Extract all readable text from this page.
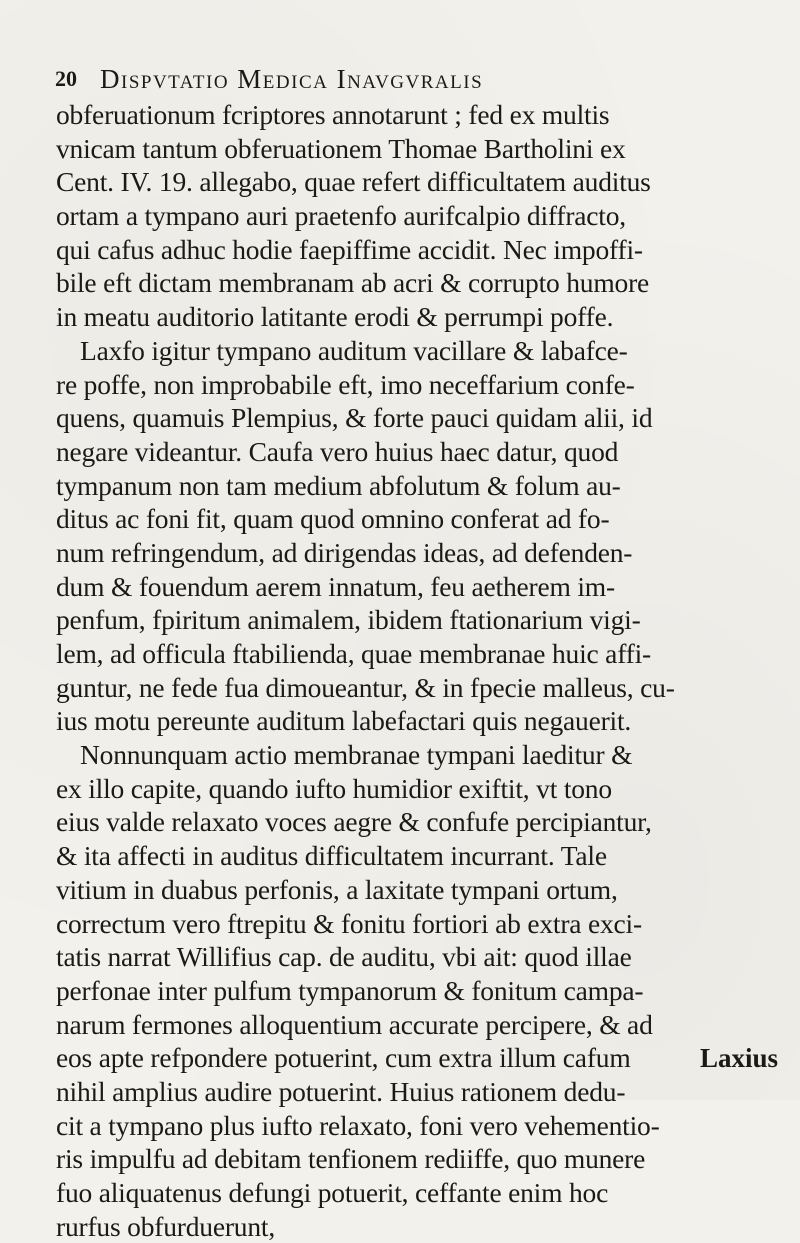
20 Dispvtatio Medica Inavgvralis
obferuationum fcriptores annotarunt ; fed ex multis
vnicam tantum obferuationem Thomae Bartholini ex
Cent. IV. 19. allegabo, quae refert difficultatem auditus
ortam a tympano auri praetenfo aurifcalpio diffracto,
qui cafus adhuc hodie faepiffime accidit. Nec impoffi-
bile eft dictam membranam ab acri & corrupto humore
in meatu auditorio latitante erodi & perrumpi poffe.
Laxfo igitur tympano auditum vacillare & labafce-
re poffe, non improbabile eft, imo neceffarium confe-
quens, quamuis Plempius, & forte pauci quidam alii, id
negare videantur. Caufa vero huius haec datur, quod
tympanum non tam medium abfolutum & folum au-
ditus ac foni fit, quam quod omnino conferat ad fo-
num refringendum, ad dirigendas ideas, ad defenden-
dum & fouendum aerem innatum, feu aetherem im-
penfum, fpiritum animalem, ibidem ftationarium vigi-
lem, ad officula ftabilienda, quae membranae huic affi-
guntur, ne fede fua dimoueantur, & in fpecie malleus, cu-
ius motu pereunte auditum labefactari quis negauerit.
Nonnunquam actio membranae tympani laeditur &
ex illo capite, quando iufto humidior exiftit, vt tono
eius valde relaxato voces aegre & confufe percipiantur,
& ita affecti in auditus difficultatem incurrant. Tale
vitium in duabus perfonis, a laxitate tympani ortum,
correctum vero ftrepitu & fonitu fortiori ab extra exci-
tatis narrat Willifius cap. de auditu, vbi ait: quod illae
perfonae inter pulfum tympanorum & fonitum campa-
narum fermones alloquentium accurate percipere, & ad
eos apte refpondere potuerint, cum extra illum cafum
nihil amplius audire potuerint. Huius rationem dedu-
cit a tympano plus iufto relaxato, foni vero vehementio-
ris impulfu ad debitam tenfionem rediiffe, quo munere
fuo aliquatenus defungi potuerit, ceffante enim hoc
rurfus obfurduerunt,
Laxius
